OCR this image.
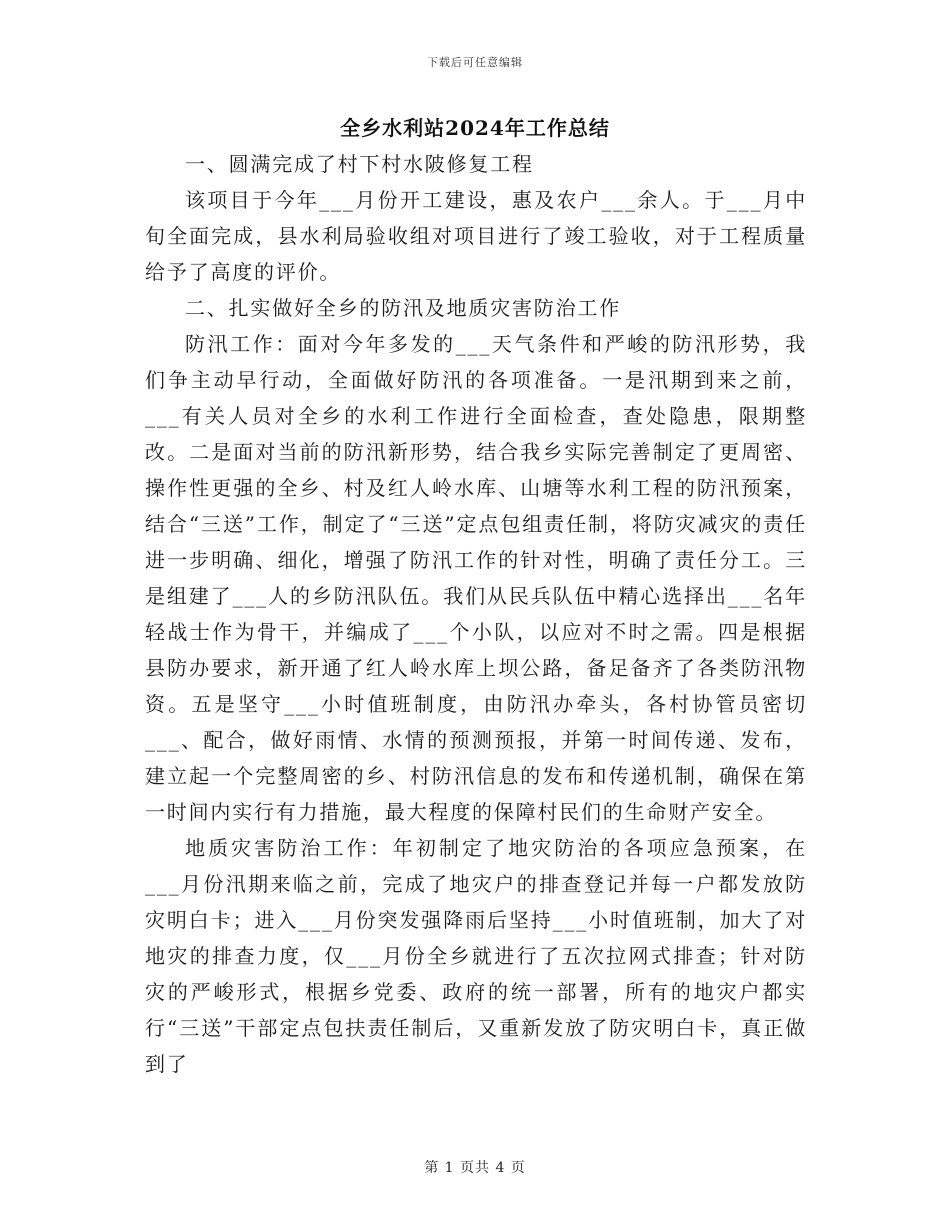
下载后可任意编辑
全乡水利站2024年工作总结

一、圆满完成了村下村水陂修复工程

该项目于今年___月份开工建设，惠及农户___余人。于___月中旬全面完成，县水利局验收组对项目进行了竣工验收，对于工程质量给予了高度的评价。

二、扎实做好全乡的防汛及地质灾害防治工作

防汛工作：面对今年多发的___天气条件和严峻的防汛形势，我们争主动早行动，全面做好防汛的各项准备。一是汛期到来之前，___有关人员对全乡的水利工作进行全面检查，查处隐患，限期整改。二是面对当前的防汛新形势，结合我乡实际完善制定了更周密、操作性更强的全乡、村及红人岭水库、山塘等水利工程的防汛预案，结合“三送”工作，制定了“三送”定点包组责任制，将防灾减灾的责任进一步明确、细化，增强了防汛工作的针对性，明确了责任分工。三是组建了___人的乡防汛队伍。我们从民兵队伍中精心选择出___名年轻战士作为骨干，并编成了___个小队，以应对不时之需。四是根据县防办要求，新开通了红人岭水库上坝公路，备足备齐了各类防汛物资。五是坚守___小时值班制度，由防汛办牵头，各村协管员密切___、配合，做好雨情、水情的预测预报，并第一时间传递、发布，建立起一个完整周密的乡、村防汛信息的发布和传递机制，确保在第一时间内实行有力措施，最大程度的保障村民们的生命财产安全。

地质灾害防治工作：年初制定了地灾防治的各项应急预案，在___月份汛期来临之前，完成了地灾户的排查登记并每一户都发放防灾明白卡；进入___月份突发强降雨后坚持___小时值班制，加大了对地灾的排查力度，仅___月份全乡就进行了五次拉网式排查；针对防灾的严峻形式，根据乡党委、政府的统一部署，所有的地灾户都实行“三送”干部定点包扶责任制后，又重新发放了防灾明白卡，真正做到了

第 1 页共 4 页
